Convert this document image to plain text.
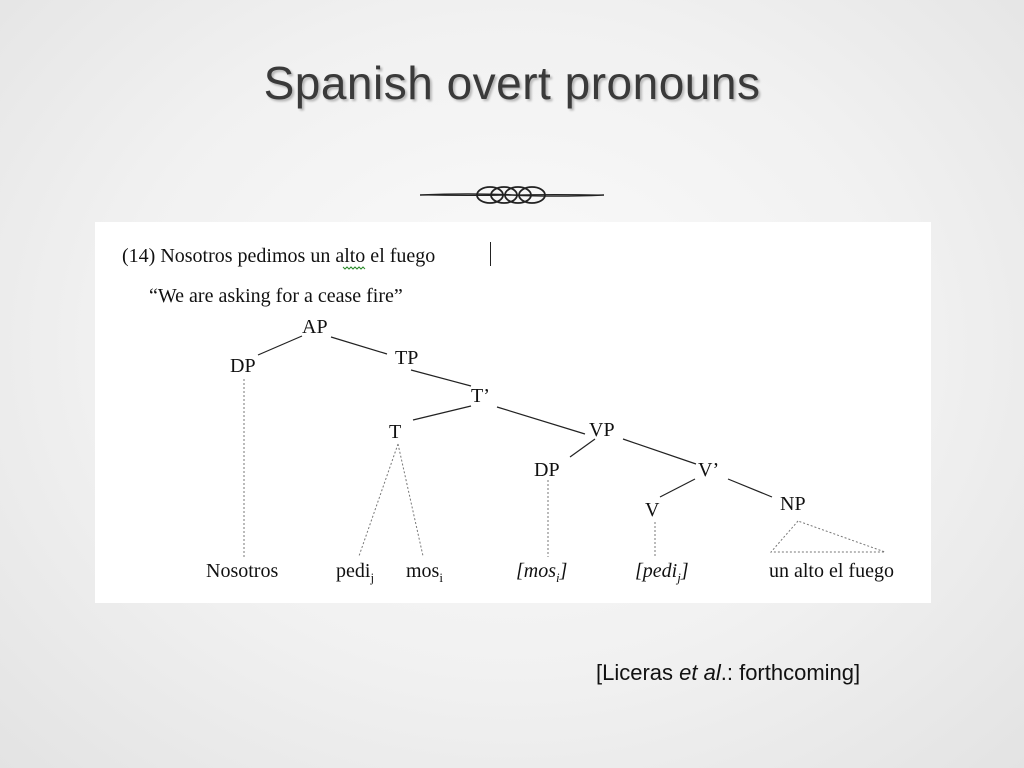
Spanish overt pronouns
(14) Nosotros pedimos un alto el fuego
“We are asking for a cease fire”
AP
DP	TP
T’
T	VP
DP	V’
V	NP
Nosotros	pedi$_j$ mos$_i$	[mos$_i$]	[pedi$_j$]	un alto el fuego
[Liceras et al.: forthcoming]
